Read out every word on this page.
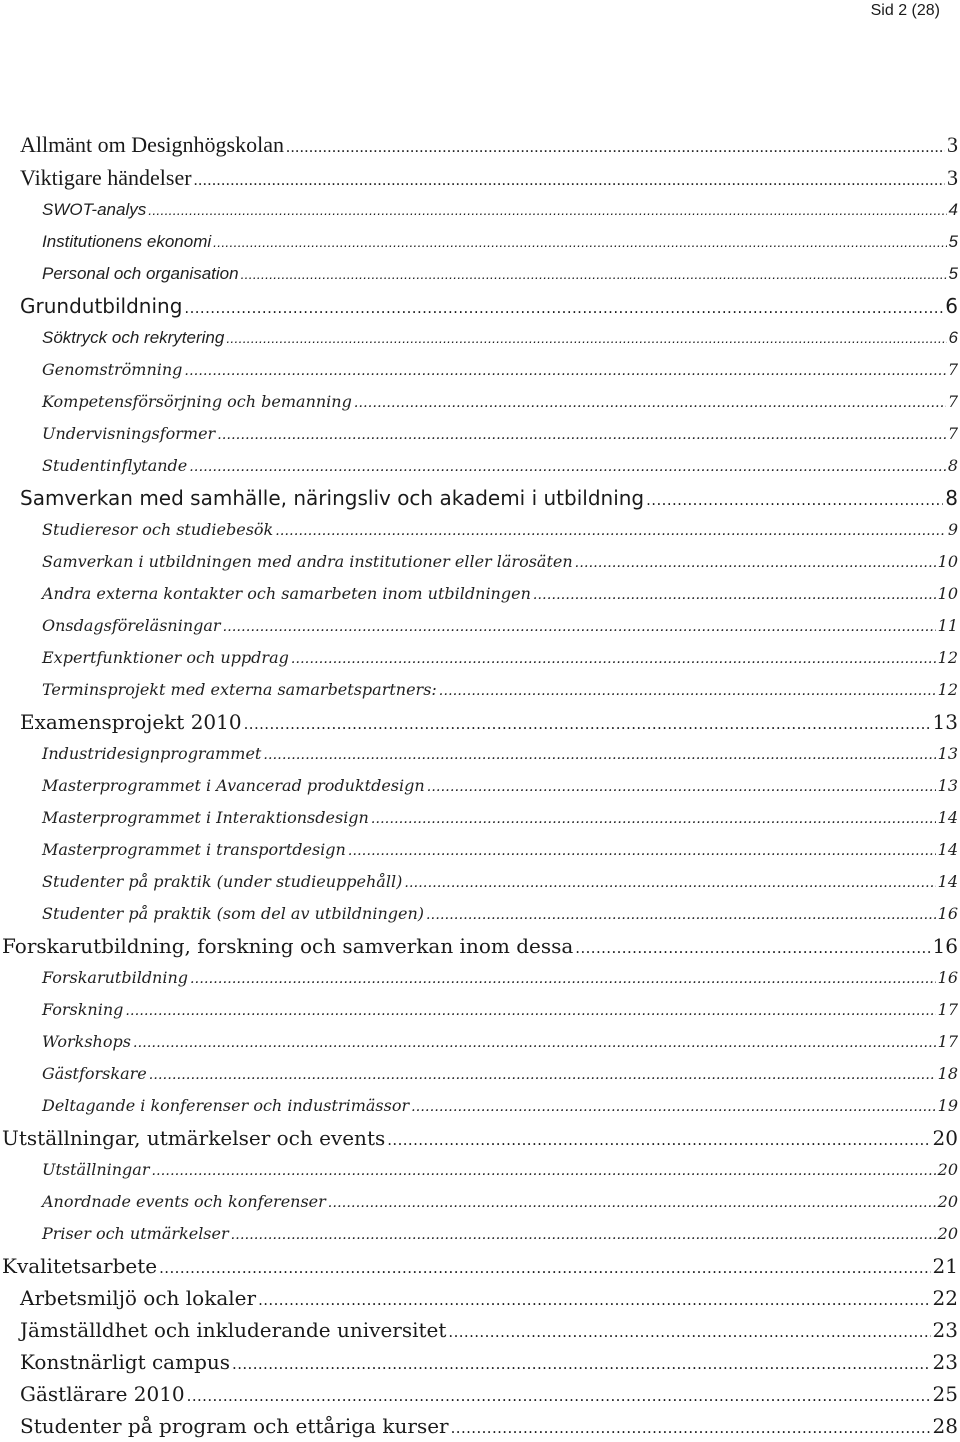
Sid 2 (28)
Allmänt om Designhögskolan .....	3
Viktigare händelser .....	3
SWOT-analys .....	4
Institutionens ekonomi .....	5
Personal och organisation .....	5
Grundutbildning .....	6
Söktryck och rekrytering .....	6
Genomströmning .....	7
Kompetensförsörjning och bemanning .....	7
Undervisningsformer .....	7
Studentinflytande .....	8
Samverkan med samhälle, näringsliv och akademi i utbildning .....	8
Studieresor och studiebesök .....	9
Samverkan i utbildningen med andra institutioner eller lärosäten .....	10
Andra externa kontakter och samarbeten inom utbildningen .....	10
Onsdagsföreläsningar .....	11
Expertfunktioner och uppdrag .....	12
Terminsprojekt med externa samarbetspartners: .....	12
Examensprojekt 2010 .....	13
Industridesignprogrammet .....	13
Masterprogrammet i Avancerad produktdesign .....	13
Masterprogrammet i Interaktionsdesign .....	14
Masterprogrammet i transportdesign .....	14
Studenter på praktik (under studieuppehåll) .....	14
Studenter på praktik (som del av utbildningen) .....	16
Forskarutbildning, forskning och samverkan inom dessa .....	16
Forskarutbildning .....	16
Forskning .....	17
Workshops .....	17
Gästforskare .....	18
Deltagande i konferenser och industrimässor .....	19
Utställningar, utmärkelser och events .....	20
Utställningar .....	20
Anordnade events och konferenser .....	20
Priser och utmärkelser .....	20
Kvalitetsarbete .....	21
Arbetsmiljö och lokaler .....	22
Jämställdhet och inkluderande universitet .....	23
Konstnärligt campus .....	23
Gästlärare 2010 .....	25
Studenter på program och ettåriga kurser .....	28
